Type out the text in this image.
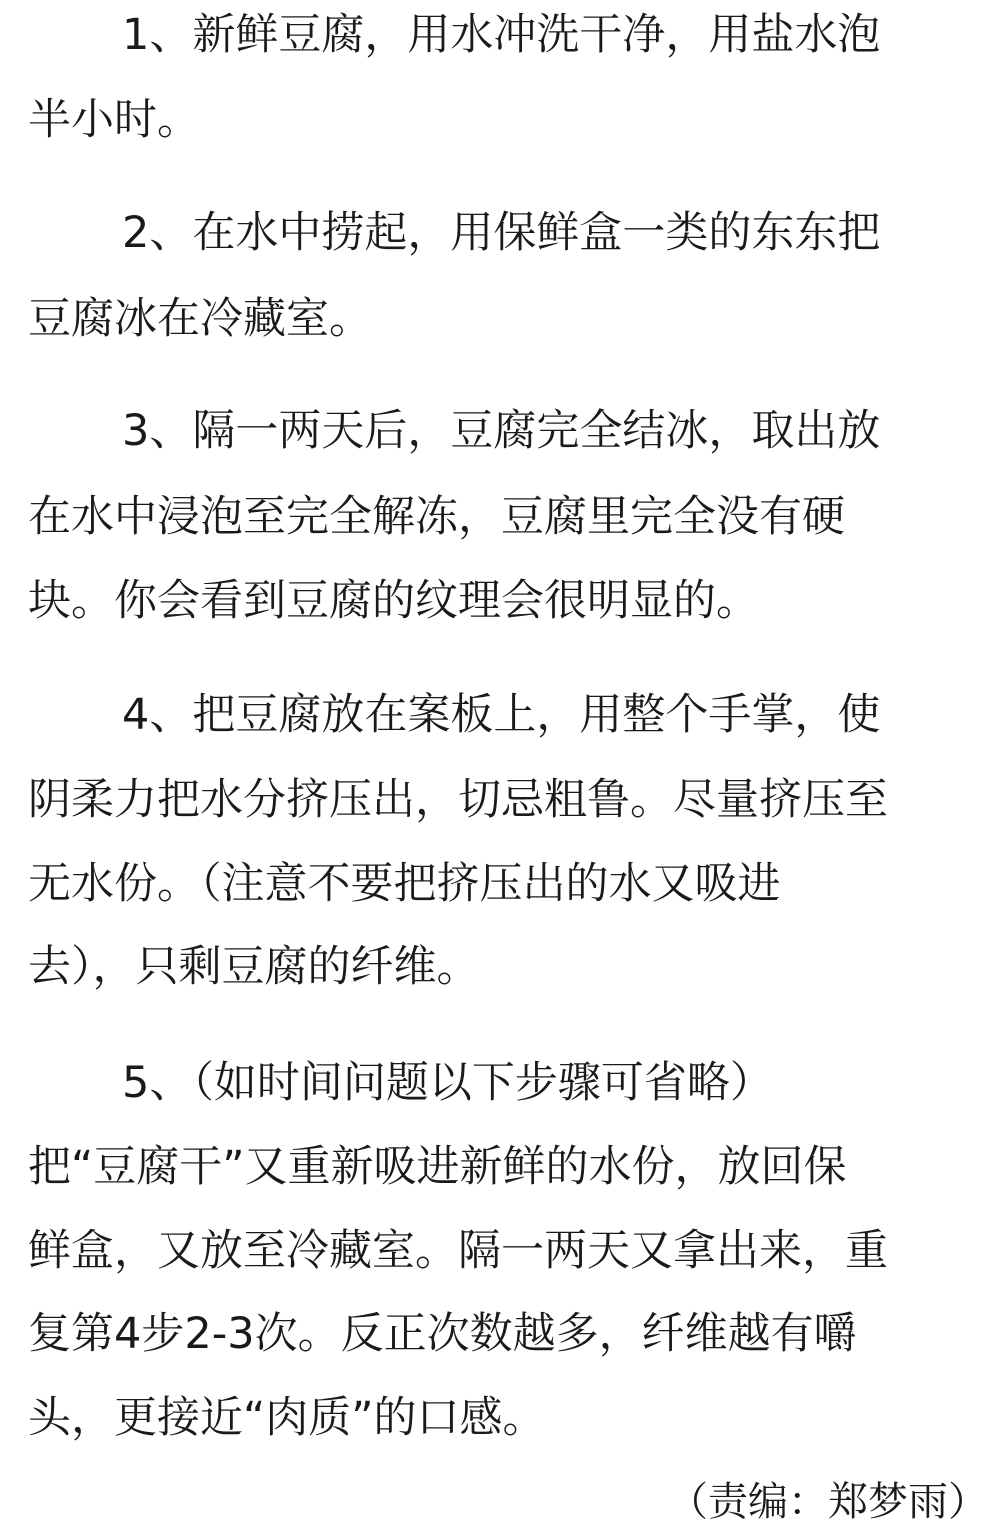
1、新鲜豆腐，用水冲洗干净，用盐水泡
半小时。
2、在水中捞起，用保鲜盒一类的东东把
豆腐冰在冷藏室。
3、隔一两天后，豆腐完全结冰，取出放
在水中浸泡至完全解冻，豆腐里完全没有硬
块。你会看到豆腐的纹理会很明显的。
4、把豆腐放在案板上，用整个手掌，使
阴柔力把水分挤压出，切忌粗鲁。尽量挤压至
无水份。（注意不要把挤压出的水又吸进
去），只剩豆腐的纤维。
5、（如时间问题以下步骤可省略）
把“豆腐干”又重新吸进新鲜的水份，放回保
鲜盒，又放至冷藏室。隔一两天又拿出来，重
复第4步2-3次。反正次数越多，纤维越有嚼
头，更接近“肉质”的口感。
（责编：郑梦雨）
